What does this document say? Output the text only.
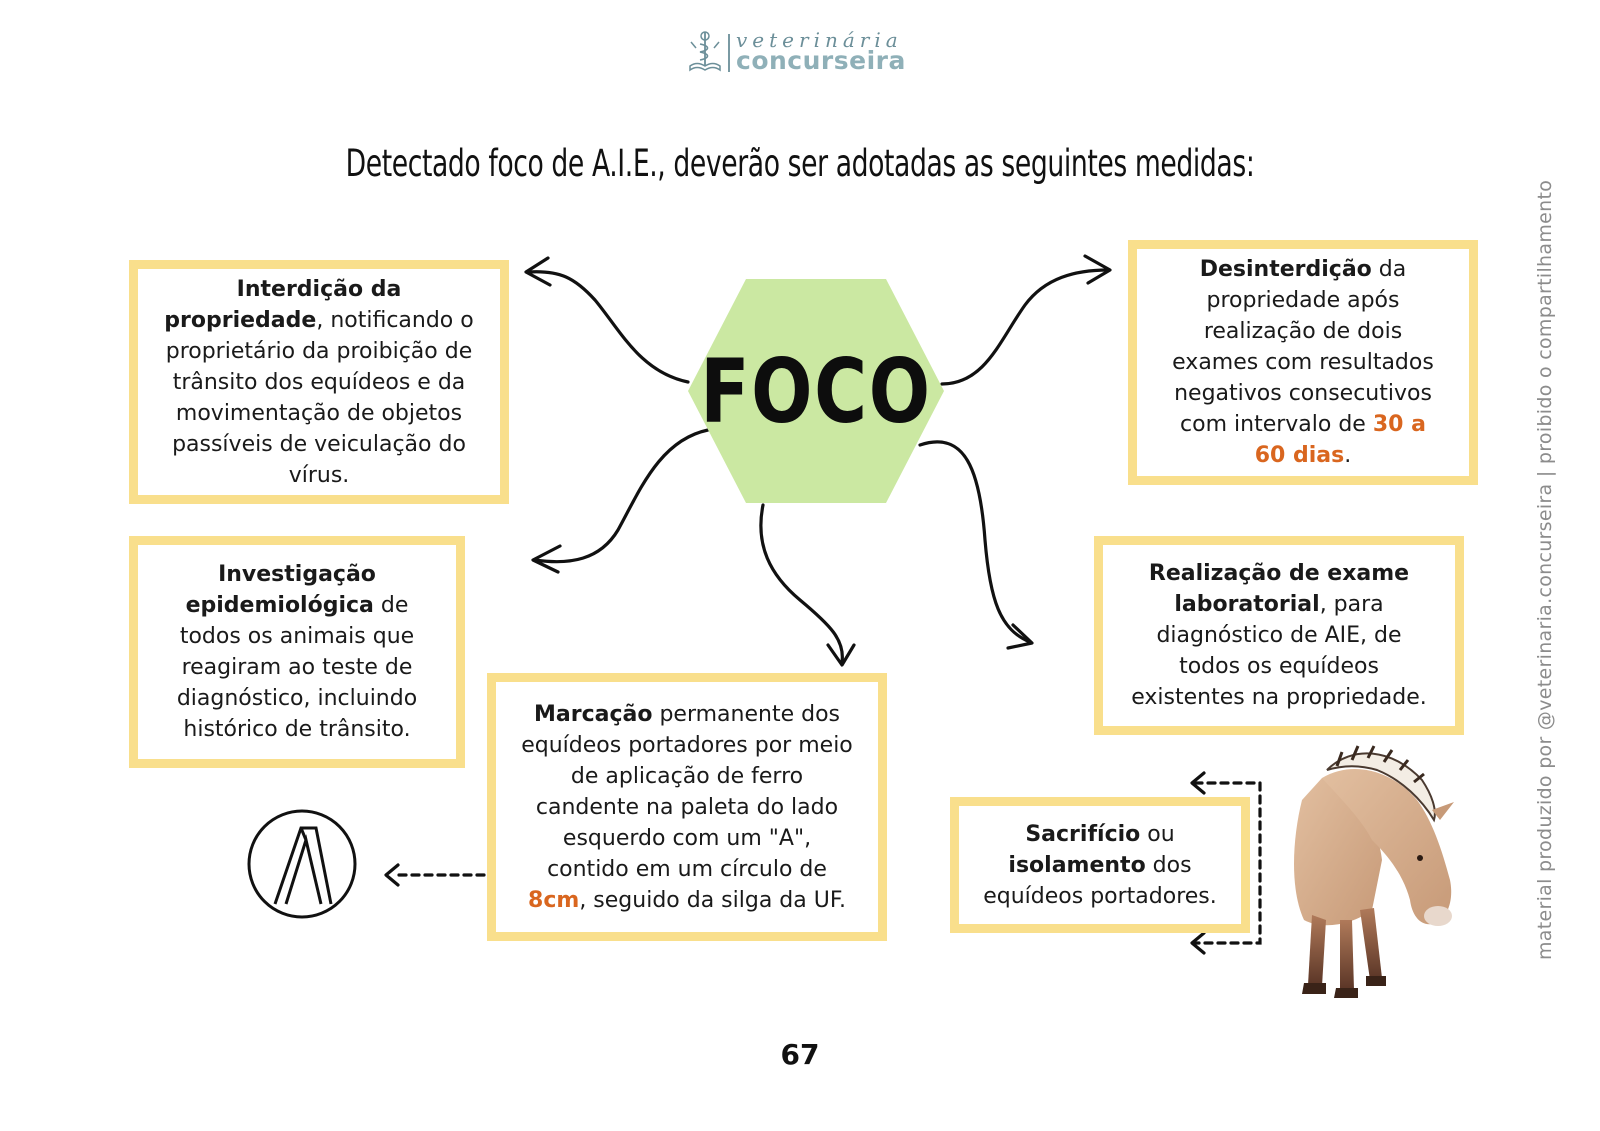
veterinária
concurseira
Detectado foco de A.I.E., deverão ser adotadas as seguintes medidas:
FOCO

Interdição da propriedade, notificando o proprietário da proibição de trânsito dos equídeos e da movimentação de objetos passíveis de veiculação do vírus.

Investigação epidemiológica de todos os animais que reagiram ao teste de diagnóstico, incluindo histórico de trânsito.

Marcação permanente dos equídeos portadores por meio de aplicação de ferro candente na paleta do lado esquerdo com um "A", contido em um círculo de 8cm, seguido da silga da UF.

Desinterdição da propriedade após realização de dois exames com resultados negativos consecutivos com intervalo de 30 a 60 dias.

Realização de exame laboratorial, para diagnóstico de AIE, de todos os equídeos existentes na propriedade.

Sacrifício ou isolamento dos equídeos portadores.	material produzido por @veterinaria.concurseira | proibido o compartilhamento
67
